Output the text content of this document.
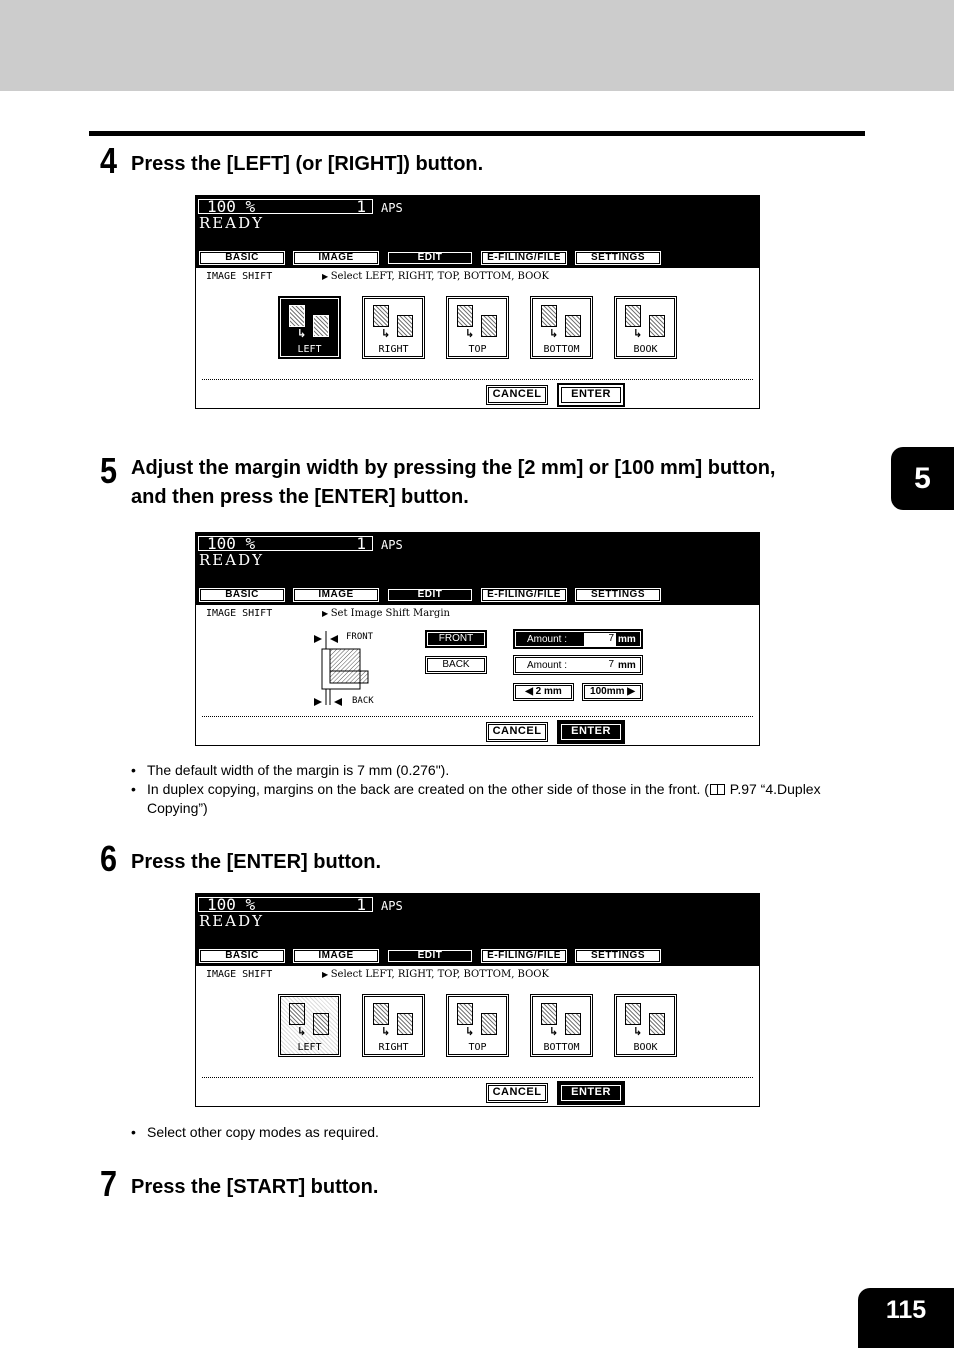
5
4 Press the [LEFT] (or [RIGHT]) button.
100 %	1 APS
READY
BASIC	IMAGE	EDIT	E-FILING/FILE	SETTINGS
IMAGE SHIFT	▶ Select LEFT, RIGHT, TOP, BOTTOM, BOOK
↳
LEFT
↳
RIGHT
↳
TOP
↳
BOTTOM
↳
BOOK
CANCEL	ENTER
5 Adjust the margin width by pressing the [2 mm] or [100 mm] button,
and then press the [ENTER] button.
100 %	1 APS
READY
BASIC	IMAGE	EDIT	E-FILING/FILE	SETTINGS
IMAGE SHIFT	▶ Set Image Shift Margin
FRONT
BACK
FRONT
BACK
Amount :	7 mm
Amount :	7 mm
◀ 2 mm	100mm ▶
CANCEL	ENTER
• The default width of the margin is 7 mm (0.276").
• In duplex copying, margins on the back are created on the other side of those in the front. ( P.97 “4.Duplex Copying”)
6 Press the [ENTER] button.
100 %	1 APS
READY
BASIC	IMAGE	EDIT	E-FILING/FILE	SETTINGS
IMAGE SHIFT	▶ Select LEFT, RIGHT, TOP, BOTTOM, BOOK
↳
LEFT
↳
RIGHT
↳
TOP
↳
BOTTOM
↳
BOOK
CANCEL	ENTER
• Select other copy modes as required.
7 Press the [START] button.
115
